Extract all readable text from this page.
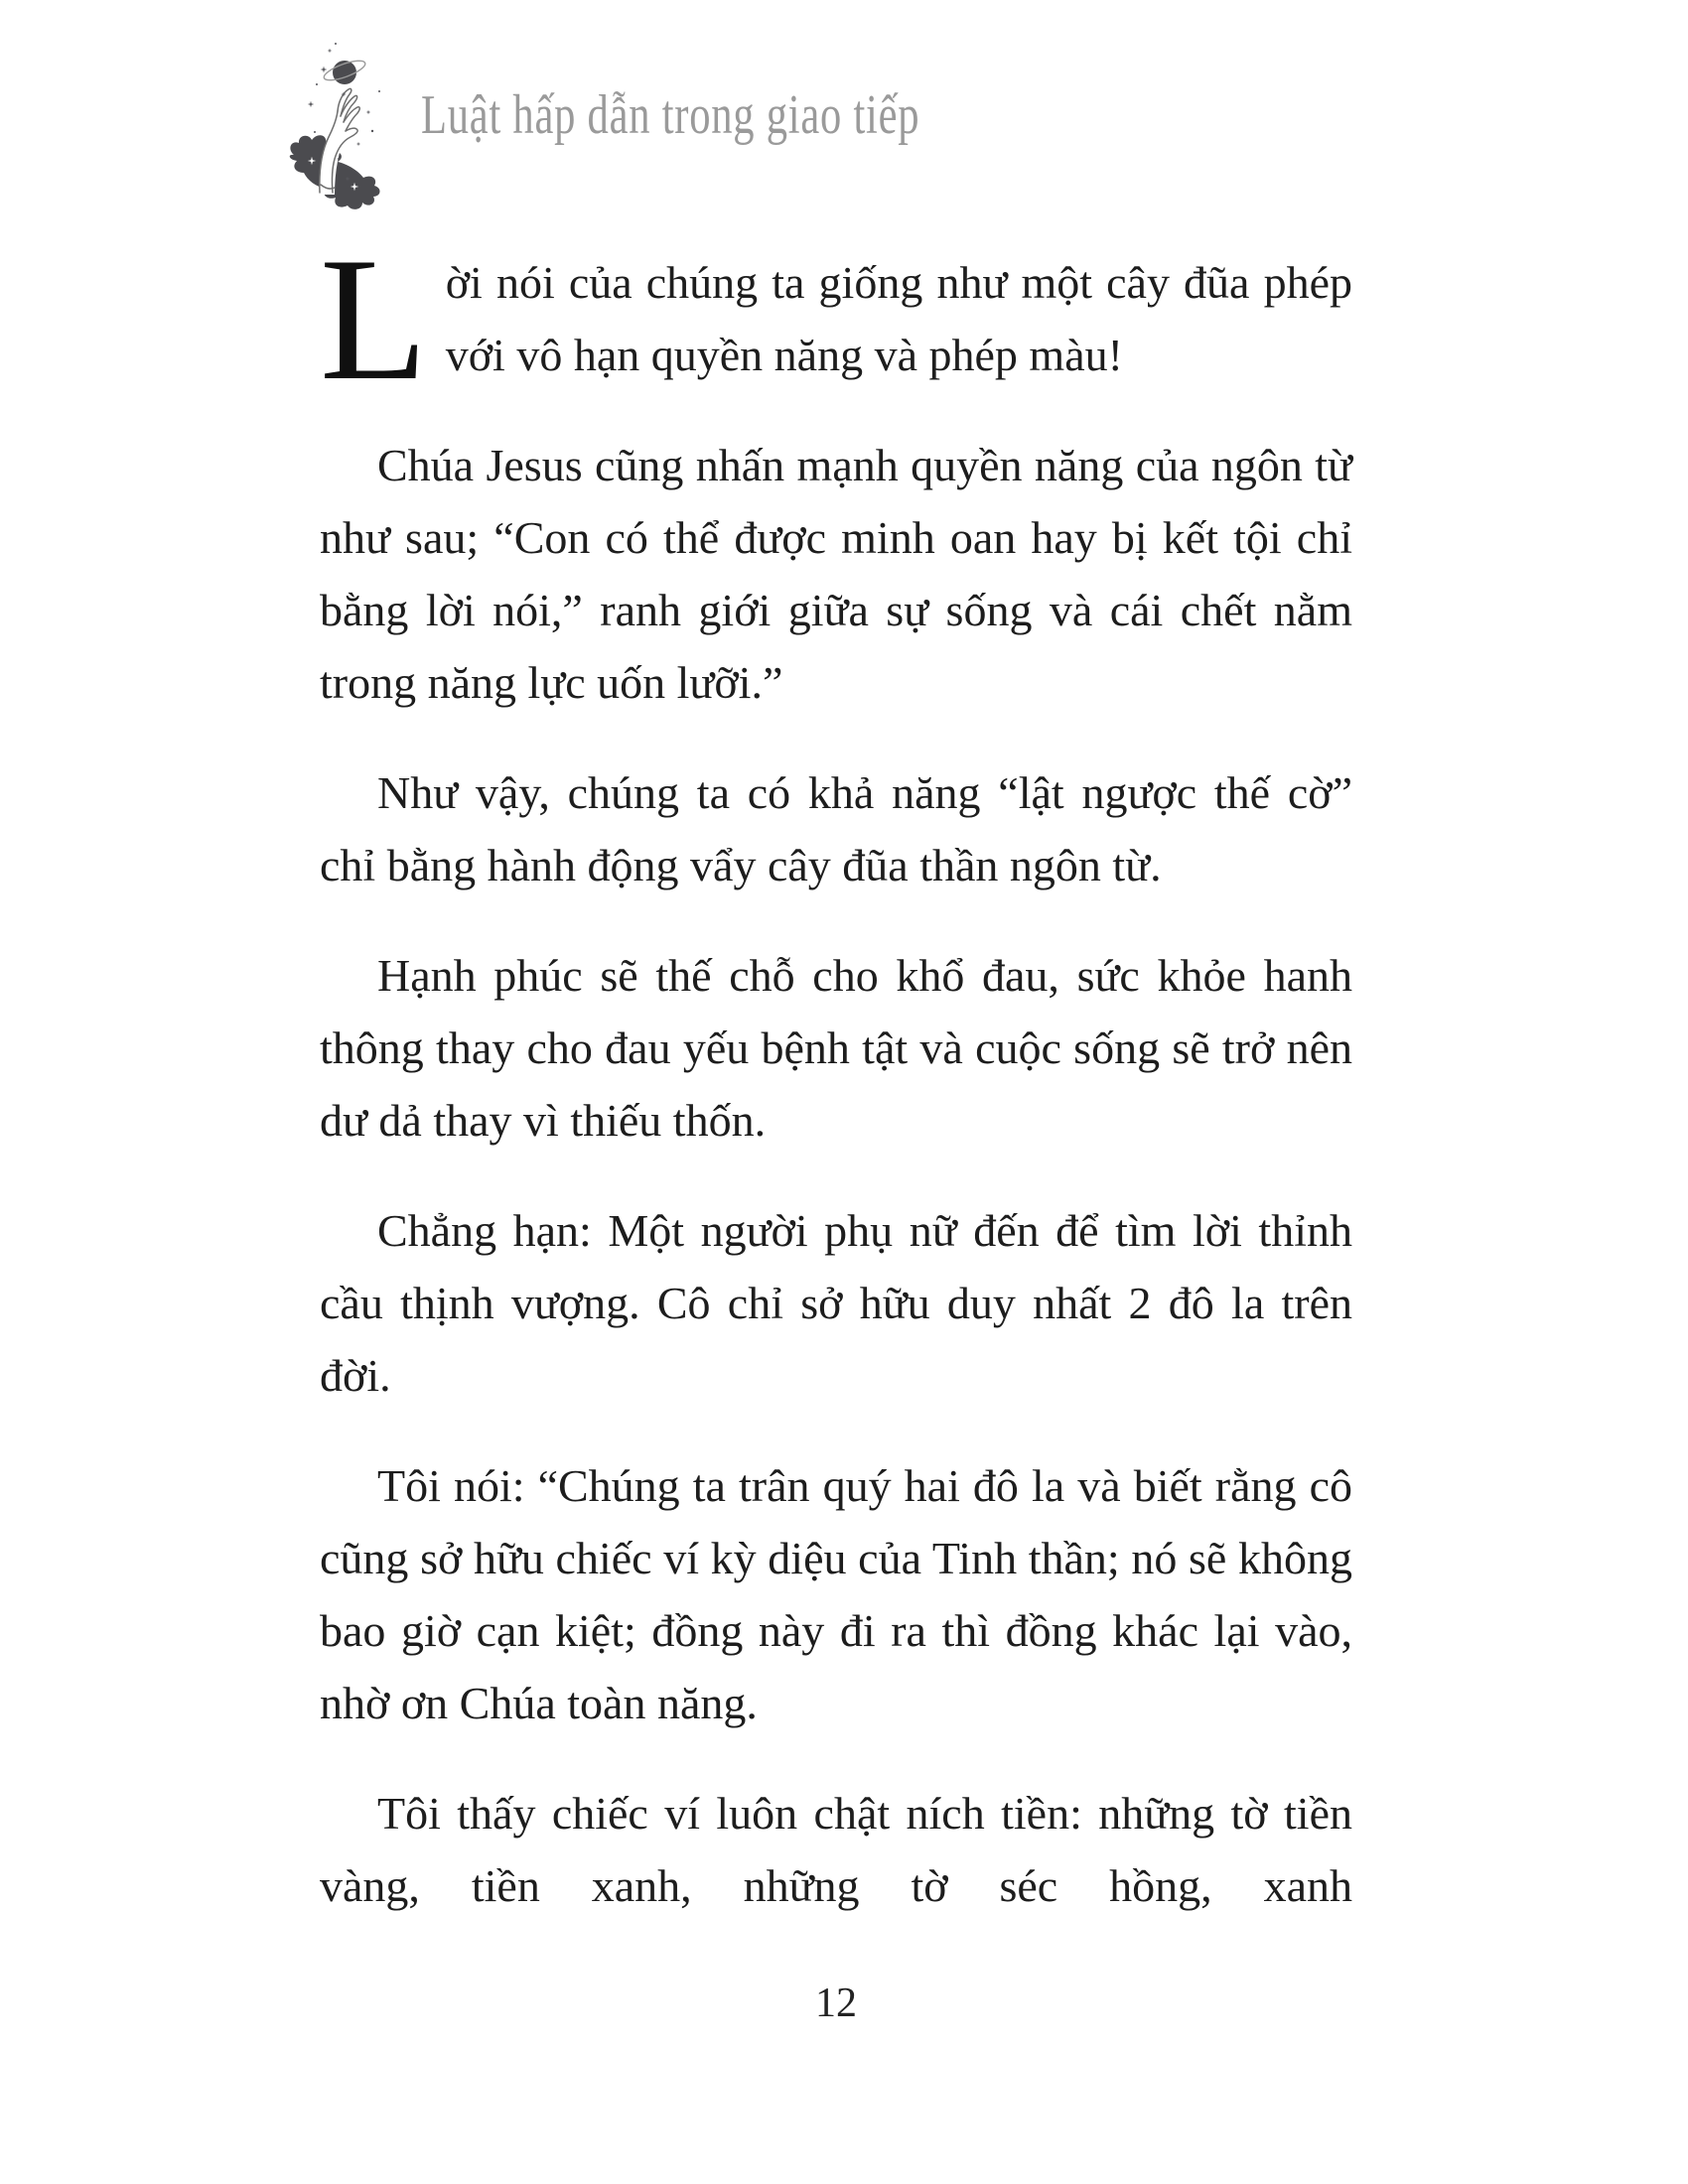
Luật hấp dẫn trong giao tiếp

Lời nói của chúng ta giống như một cây đũa phép với vô hạn quyền năng và phép màu!

Chúa Jesus cũng nhấn mạnh quyền năng của ngôn từ như sau; “Con có thể được minh oan hay bị kết tội chỉ bằng lời nói,” ranh giới giữa sự sống và cái chết nằm trong năng lực uốn lưỡi.”

Như vậy, chúng ta có khả năng “lật ngược thế cờ” chỉ bằng hành động vẩy cây đũa thần ngôn từ.

Hạnh phúc sẽ thế chỗ cho khổ đau, sức khỏe hanh thông thay cho đau yếu bệnh tật và cuộc sống sẽ trở nên dư dả thay vì thiếu thốn.

Chẳng hạn: Một người phụ nữ đến để tìm lời thỉnh cầu thịnh vượng. Cô chỉ sở hữu duy nhất 2 đô la trên đời.

Tôi nói: “Chúng ta trân quý hai đô la và biết rằng cô cũng sở hữu chiếc ví kỳ diệu của Tinh thần; nó sẽ không bao giờ cạn kiệt; đồng này đi ra thì đồng khác lại vào, nhờ ơn Chúa toàn năng.

Tôi thấy chiếc ví luôn chật ních tiền: những tờ tiền vàng, tiền xanh, những tờ séc hồng, xanh

12
